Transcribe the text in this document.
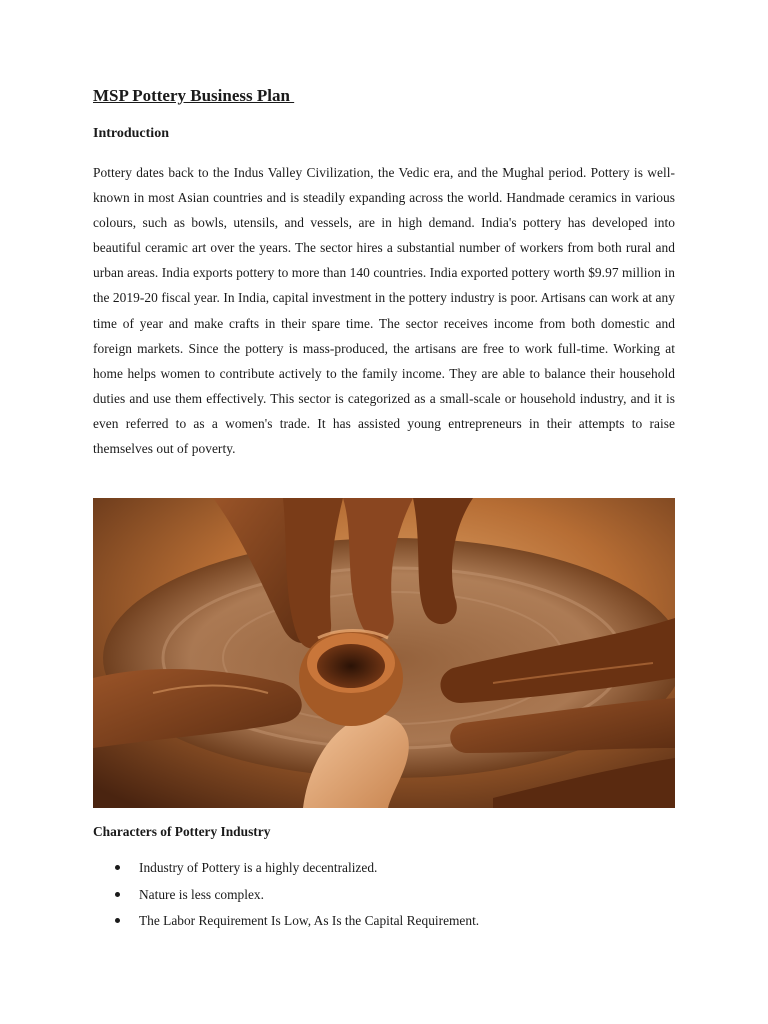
MSP Pottery Business Plan
Introduction

Pottery dates back to the Indus Valley Civilization, the Vedic era, and the Mughal period. Pottery is well-known in most Asian countries and is steadily expanding across the world. Handmade ceramics in various colours, such as bowls, utensils, and vessels, are in high demand. India's pottery has developed into beautiful ceramic art over the years. The sector hires a substantial number of workers from both rural and urban areas. India exports pottery to more than 140 countries. India exported pottery worth $9.97 million in the 2019-20 fiscal year. In India, capital investment in the pottery industry is poor. Artisans can work at any time of year and make crafts in their spare time. The sector receives income from both domestic and foreign markets. Since the pottery is mass-produced, the artisans are free to work full-time. Working at home helps women to contribute actively to the family income. They are able to balance their household duties and use them effectively. This sector is categorized as a small-scale or household industry, and it is even referred to as a women's trade. It has assisted young entrepreneurs in their attempts to raise themselves out of poverty.

Characters of Pottery Industry
Industry of Pottery is a highly decentralized.
Nature is less complex.
The Labor Requirement Is Low, As Is the Capital Requirement.
